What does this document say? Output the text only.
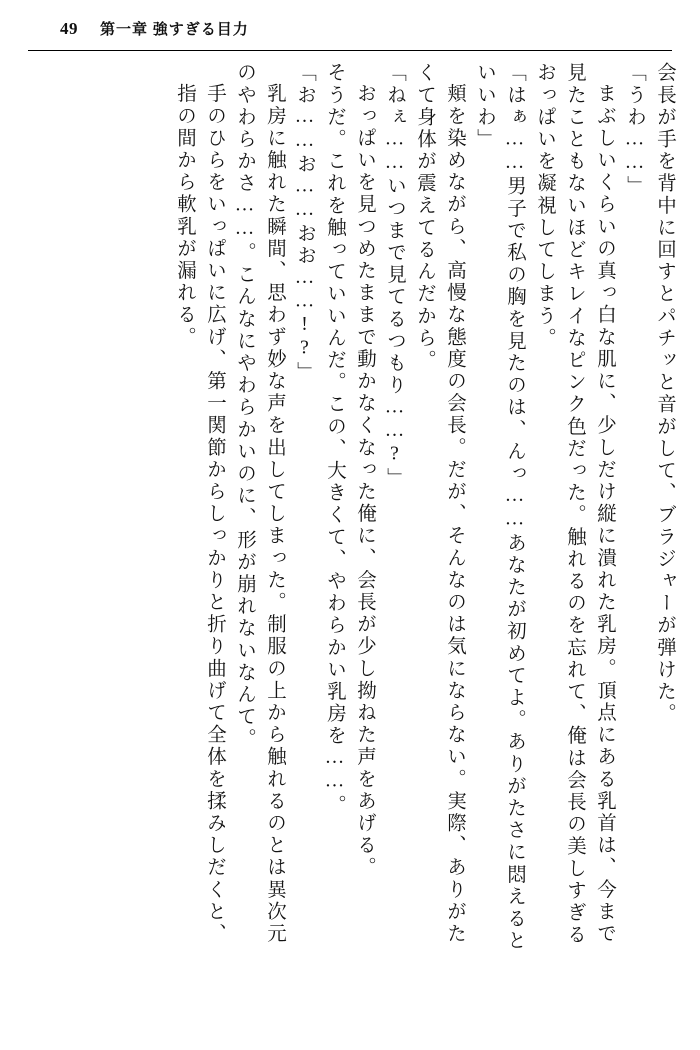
49 第一章 強すぎる目力
会長が手を背中に回すとパチッと音がして、ブラジャーが弾けた。
「うわ……」
まぶしいくらいの真っ白な肌に、少しだけ縦に潰れた乳房。頂点にある乳首は、今まで
見たこともないほどキレイなピンク色だった。触れるのを忘れて、俺は会長の美しすぎる
おっぱいを凝視してしまう。
「はぁ……男子で私の胸を見たのは、んっ……あなたが初めてよ。ありがたさに悶えると
いいわ」
頬を染めながら、高慢な態度の会長。だが、そんなのは気にならない。実際、ありがた
くて身体が震えてるんだから。
「ねぇ……いつまで見てるつもり……?」
おっぱいを見つめたままで動かなくなった俺に、会長が少し拗ねた声をあげる。
そうだ。これを触っていいんだ。この、大きくて、やわらかい乳房を……。
「お……お……おお……!?」
乳房に触れた瞬間、思わず妙な声を出してしまった。制服の上から触れるのとは異次元
のやわらかさ……。こんなにやわらかいのに、形が崩れないなんて。
手のひらをいっぱいに広げ、第一関節からしっかりと折り曲げて全体を揉みしだくと、
指の間から軟乳が漏れる。
